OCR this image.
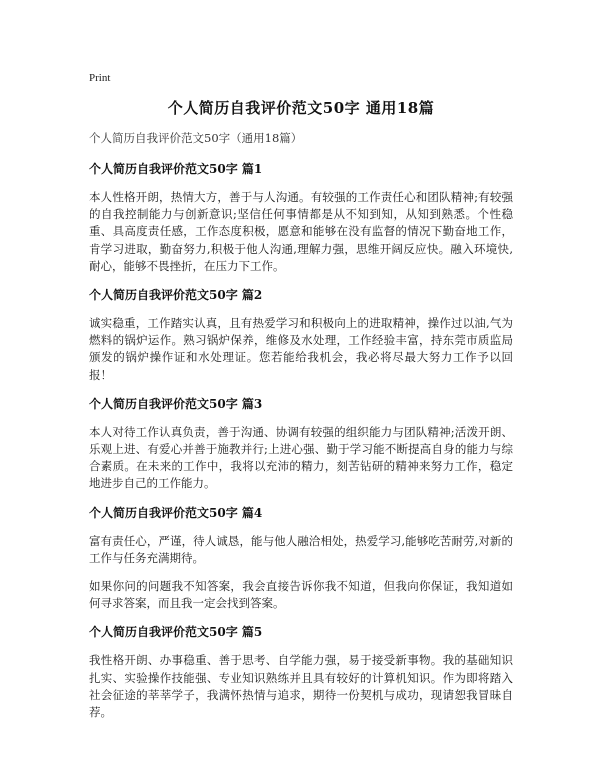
Print
个人简历自我评价范文50字 通用18篇
个人简历自我评价范文50字（通用18篇）
个人简历自我评价范文50字 篇1

本人性格开朗，热情大方，善于与人沟通。有较强的工作责任心和团队精神;有较强的自我控制能力与创新意识;坚信任何事情都是从不知到知，从知到熟悉。个性稳重、具高度责任感，工作态度积极，愿意和能够在没有监督的情况下勤奋地工作，肯学习进取，勤奋努力,积极于他人沟通,理解力强，思维开阔反应快。融入环境快,耐心，能够不畏挫折，在压力下工作。

个人简历自我评价范文50字 篇2

诚实稳重，工作踏实认真，且有热爱学习和积极向上的进取精神，操作过以油,气为燃料的锅炉运作。熟习锅炉保养，维修及水处理，工作经验丰富，持东莞市质监局颁发的锅炉操作证和水处理证。您若能给我机会，我必将尽最大努力工作予以回报！

个人简历自我评价范文50字 篇3

本人对待工作认真负责，善于沟通、协调有较强的组织能力与团队精神;活泼开朗、乐观上进、有爱心并善于施教并行;上进心强、勤于学习能不断提高自身的能力与综合素质。在未来的工作中，我将以充沛的精力，刻苦钻研的精神来努力工作，稳定地进步自己的工作能力。

个人简历自我评价范文50字 篇4

富有责任心，严谨，待人诚恳，能与他人融洽相处，热爱学习,能够吃苦耐劳,对新的工作与任务充满期待。

如果你问的问题我不知答案，我会直接告诉你我不知道，但我向你保证，我知道如何寻求答案，而且我一定会找到答案。

个人简历自我评价范文50字 篇5

我性格开朗、办事稳重、善于思考、自学能力强，易于接受新事物。我的基础知识扎实、实验操作技能强、专业知识熟练并且具有较好的计算机知识。作为即将踏入社会征途的莘莘学子，我满怀热情与追求，期待一份契机与成功，现请恕我冒昧自荐。
